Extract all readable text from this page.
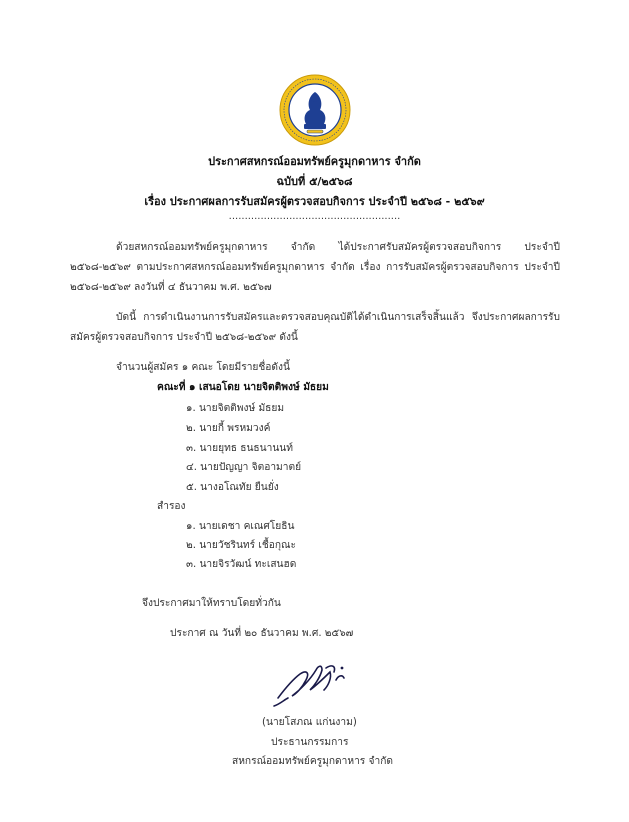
ประกาศสหกรณ์ออมทรัพย์ครูมุกดาหาร จำกัด
ฉบับที่ ๕/๒๕๖๘
เรื่อง ประกาศผลการรับสมัครผู้ตรวจสอบกิจการ ประจำปี ๒๕๖๘ - ๒๕๖๙
......................................................
ด้วยสหกรณ์ออมทรัพย์ครูมุกดาหาร จำกัด ได้ประกาศรับสมัครผู้ตรวจสอบกิจการ ประจำปี ๒๕๖๘-๒๕๖๙ ตามประกาศสหกรณ์ออมทรัพย์ครูมุกดาหาร จำกัด เรื่อง การรับสมัครผู้ตรวจสอบกิจการ ประจำปี ๒๕๖๘-๒๕๖๙ ลงวันที่ ๔ ธันวาคม พ.ศ. ๒๕๖๗
บัดนี้ การดำเนินงานการรับสมัครและตรวจสอบคุณบัติได้ดำเนินการเสร็จสิ้นแล้ว จึงประกาศผลการรับสมัครผู้ตรวจสอบกิจการ ประจำปี ๒๕๖๘-๒๕๖๙ ดังนี้
จำนวนผู้สมัคร ๑ คณะ โดยมีรายชื่อดังนี้
คณะที่ ๑ เสนอโดย นายจิตติพงษ์ มัธยม
๑. นายจิตติพงษ์ มัธยม
๒. นายกี้ พรหมวงค์
๓. นายยุทธ ธนธนานนท์
๔. นายปัญญา จิตอามาตย์
๕. นางอโณทัย ยืนยั่ง
สำรอง
๑. นายเดชา คเณศโยธิน
๒. นายวัชรินทร์ เชื้อกุณะ
๓. นายจิรวัฒน์ ทะเสนฮด
จึงประกาศมาให้ทราบโดยทั่วกัน
ประกาศ ณ วันที่ ๒๐ ธันวาคม พ.ศ. ๒๕๖๗
(นายโสภณ แก่นงาม)
ประธานกรรมการ
สหกรณ์ออมทรัพย์ครูมุกดาหาร จำกัด
